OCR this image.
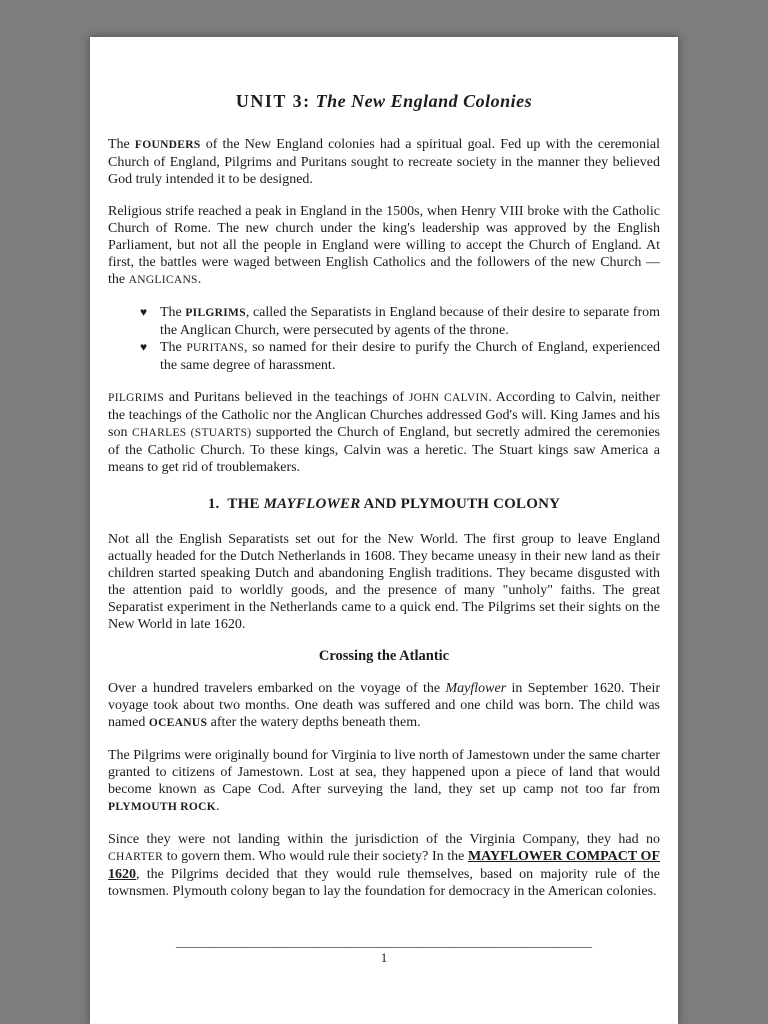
UNIT 3: The New England Colonies

The FOUNDERS of the New England colonies had a spiritual goal. Fed up with the ceremonial Church of England, Pilgrims and Puritans sought to recreate society in the manner they believed God truly intended it to be designed.

Religious strife reached a peak in England in the 1500s, when Henry VIII broke with the Catholic Church of Rome. The new church under the king's leadership was approved by the English Parliament, but not all the people in England were willing to accept the Church of England. At first, the battles were waged between English Catholics and the followers of the new Church — the ANGLICANS.

♥ The PILGRIMS, called the Separatists in England because of their desire to separate from the Anglican Church, were persecuted by agents of the throne.
♥ The PURITANS, so named for their desire to purify the Church of England, experienced the same degree of harassment.

PILGRIMS and Puritans believed in the teachings of JOHN CALVIN. According to Calvin, neither the teachings of the Catholic nor the Anglican Churches addressed God's will. King James and his son CHARLES (STUARTS) supported the Church of England, but secretly admired the ceremonies of the Catholic Church. To these kings, Calvin was a heretic. The Stuart kings saw America a means to get rid of troublemakers.

1.  THE MAYFLOWER AND PLYMOUTH COLONY

Not all the English Separatists set out for the New World. The first group to leave England actually headed for the Dutch Netherlands in 1608. They became uneasy in their new land as their children started speaking Dutch and abandoning English traditions. They became disgusted with the attention paid to worldly goods, and the presence of many "unholy" faiths. The great Separatist experiment in the Netherlands came to a quick end. The Pilgrims set their sights on the New World in late 1620.

Crossing the Atlantic

Over a hundred travelers embarked on the voyage of the Mayflower in September 1620. Their voyage took about two months. One death was suffered and one child was born. The child was named OCEANUS after the watery depths beneath them.

The Pilgrims were originally bound for Virginia to live north of Jamestown under the same charter granted to citizens of Jamestown. Lost at sea, they happened upon a piece of land that would become known as Cape Cod. After surveying the land, they set up camp not too far from PLYMOUTH ROCK.

Since they were not landing within the jurisdiction of the Virginia Company, they had no CHARTER to govern them. Who would rule their society? In the MAYFLOWER COMPACT OF 1620, the Pilgrims decided that they would rule themselves, based on majority rule of the townsmen. Plymouth colony began to lay the foundation for democracy in the American colonies.

________________________________________________________________
1
